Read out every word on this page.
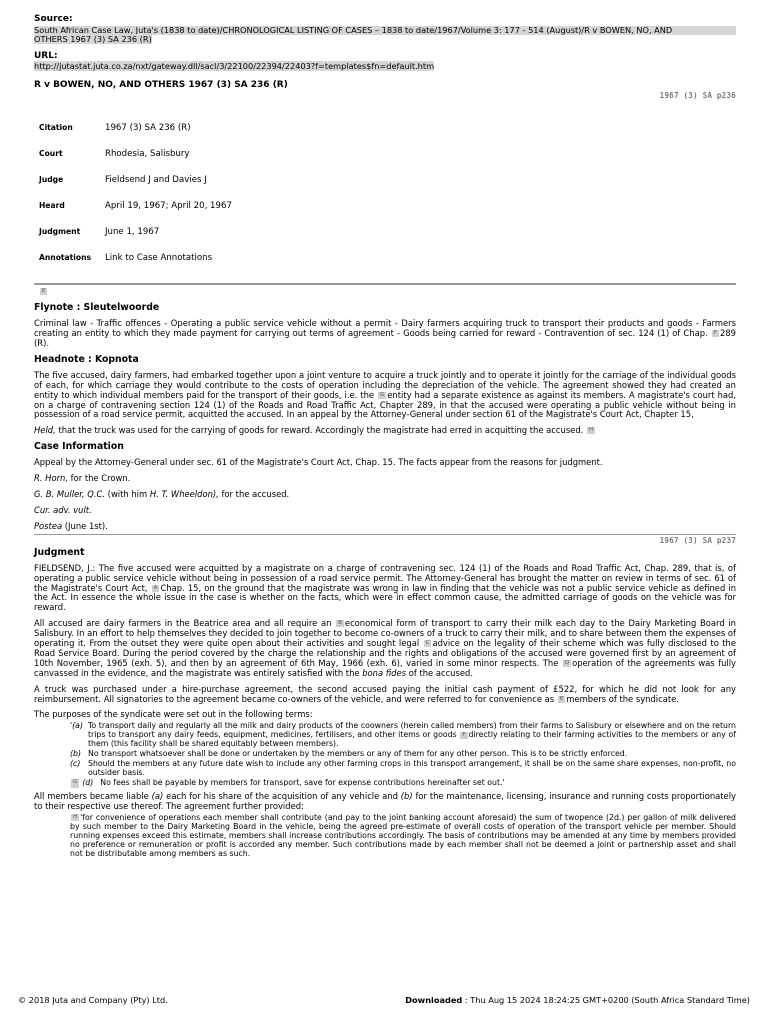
Source:
South African Case Law, Juta's (1838 to date)/CHRONOLOGICAL LISTING OF CASES – 1838 to date/1967/Volume 3: 177 - 514 (August)/R v BOWEN, NO, AND
OTHERS 1967 (3) SA 236 (R)
URL:
http://jutastat.juta.co.za/nxt/gateway.dll/sacl/3/22100/22394/22403?f=templates$fn=default.htm
R v BOWEN, NO, AND OTHERS 1967 (3) SA 236 (R)
1967 (3) SA p236
Citation	1967 (3) SA 236 (R)
Court	Rhodesia, Salisbury
Judge	Fieldsend J and Davies J
Heard	April 19, 1967; April 20, 1967
Judgment	June 1, 1967
Annotations	Link to Case Annotations
E
Flynote : Sleutelwoorde

Criminal law - Traffic offences - Operating a public service vehicle without a permit - Dairy farmers acquiring truck to transport their products and goods - Farmers creating an entity to which they made payment for carrying out terms of agreement - Goods being carried for reward - Contravention of sec. 124 (1) of Chap. F 289 (R).

Headnote : Kopnota

The five accused, dairy farmers, had embarked together upon a joint venture to acquire a truck jointly and to operate it jointly for the carriage of the individual goods of each, for which carriage they would contribute to the costs of operation including the depreciation of the vehicle. The agreement showed they had created an entity to which individual members paid for the transport of their goods, i.e. the G entity had a separate existence as against its members. A magistrate's court had, on a charge of contravening section 124 (1) of the Roads and Road Traffic Act, Chapter 289, in that the accused were operating a public vehicle without being in possession of a road service permit, acquitted the accused. In an appeal by the Attorney-General under section 61 of the Magistrate's Court Act, Chapter 15,

Held, that the truck was used for the carrying of goods for reward. Accordingly the magistrate had erred in acquitting the accused. H

Case Information

Appeal by the Attorney-General under sec. 61 of the Magistrate's Court Act, Chap. 15. The facts appear from the reasons for judgment.

R. Horn, for the Crown.

G. B. Muller, Q.C. (with him H. T. Wheeldon), for the accused.

Cur. adv. vult.

Postea (June 1st).

1967 (3) SA p237
Judgment

FIELDSEND, J.: The five accused were acquitted by a magistrate on a charge of contravening sec. 124 (1) of the Roads and Road Traffic Act, Chap. 289, that is, of operating a public service vehicle without being in possession of a road service permit. The Attorney-General has brought the matter on review in terms of sec. 61 of the Magistrate's Court Act, A Chap. 15, on the ground that the magistrate was wrong in law in finding that the vehicle was not a public service vehicle as defined in the Act. In essence the whole issue in the case is whether on the facts, which were in effect common cause, the admitted carriage of goods on the vehicle was for reward.

All accused are dairy farmers in the Beatrice area and all require an B economical form of transport to carry their milk each day to the Dairy Marketing Board in Salisbury. In an effort to help themselves they decided to join together to become co-owners of a truck to carry their milk, and to share between them the expenses of operating it. From the outset they were quite open about their activities and sought legal C advice on the legality of their scheme which was fully disclosed to the Road Service Board. During the period covered by the charge the relationship and the rights and obligations of the accused were governed first by an agreement of 10th November, 1965 (exh. 5), and then by an agreement of 6th May, 1966 (exh. 6), varied in some minor respects. The D operation of the agreements was fully canvassed in the evidence, and the magistrate was entirely satisfied with the bona fides of the accused.

A truck was purchased under a hire-purchase agreement, the second accused paying the initial cash payment of £522, for which he did not look for any reimbursement. All signatories to the agreement became co-owners of the vehicle, and were referred to for convenience as E members of the syndicate.

The purposes of the syndicate were set out in the following terms:

'(a) To transport daily and regularly all the milk and dairy products of the coowners (herein called members) from their farms to Salisbury or elsewhere and on the return trips to transport any dairy feeds, equipment, medicines, fertilisers, and other items or goods F directly relating to their farming activities to the members or any of them (this facility shall be shared equitably between members).
(b) No transport whatsoever shall be done or undertaken by the members or any of them for any other person. This is to be strictly enforced.
(c) Should the members at any future date wish to include any other farming crops in this transport arrangement, it shall be on the same share expenses, non-profit, no outsider basis.
G (d) No fees shall be payable by members for transport, save for expense contributions hereinafter set out.'

All members became liable (a) each for his share of the acquisition of any vehicle and (b) for the maintenance, licensing, insurance and running costs proportionately to their respective use thereof. The agreement further provided:

H 'for convenience of operations each member shall contribute (and pay to the joint banking account aforesaid) the sum of twopence (2d.) per gallon of milk delivered by such member to the Dairy Marketing Board in the vehicle, being the agreed pre-estimate of overall costs of operation of the transport vehicle per member. Should running expenses exceed this estimate, members shall increase contributions accordingly. The basis of contributions may be amended at any time by members provided no preference or remuneration or profit is accorded any member. Such contributions made by each member shall not be deemed a joint or partnership asset and shall not be distributable among members as such.
© 2018 Juta and Company (Pty) Ltd.	Downloaded : Thu Aug 15 2024 18:24:25 GMT+0200 (South Africa Standard Time)
